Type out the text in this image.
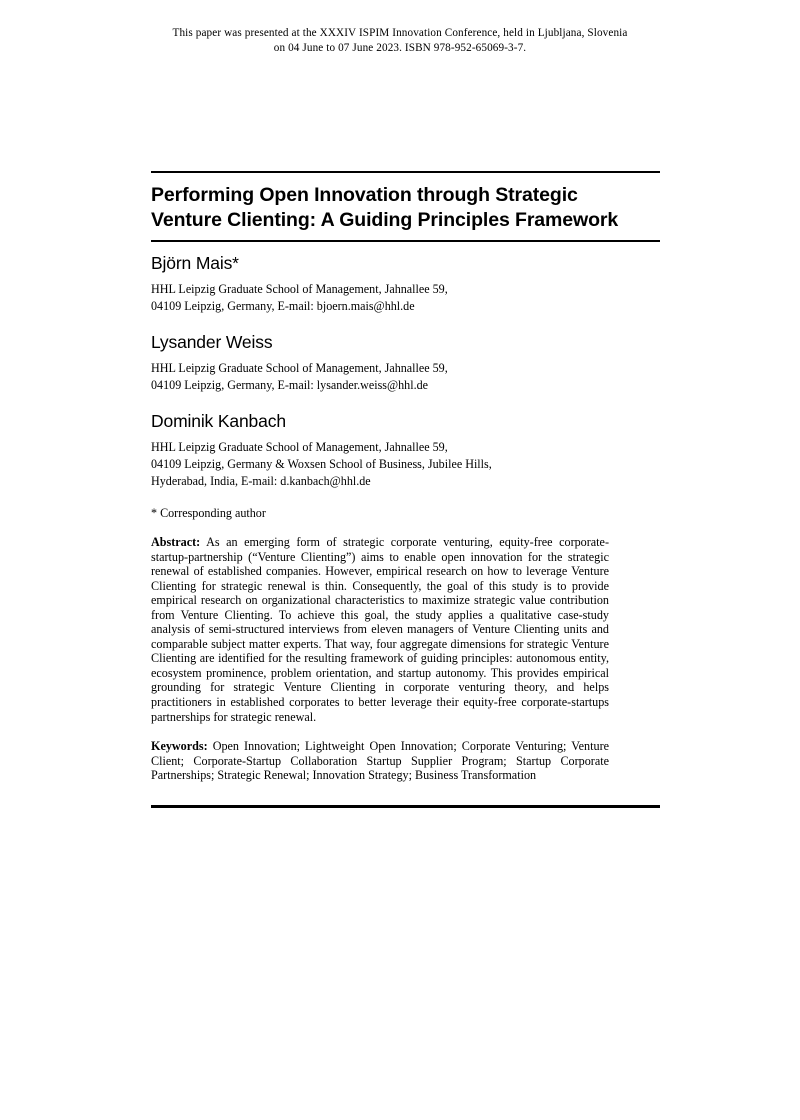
This paper was presented at the XXXIV ISPIM Innovation Conference, held in Ljubljana, Slovenia
on 04 June to 07 June 2023. ISBN 978-952-65069-3-7.
Performing Open Innovation through Strategic
Venture Clienting: A Guiding Principles Framework
Björn Mais*
HHL Leipzig Graduate School of Management, Jahnallee 59,
04109 Leipzig, Germany, E-mail: bjoern.mais@hhl.de
Lysander Weiss
HHL Leipzig Graduate School of Management, Jahnallee 59,
04109 Leipzig, Germany, E-mail: lysander.weiss@hhl.de
Dominik Kanbach
HHL Leipzig Graduate School of Management, Jahnallee 59,
04109 Leipzig, Germany & Woxsen School of Business, Jubilee Hills,
Hyderabad, India, E-mail: d.kanbach@hhl.de
* Corresponding author
Abstract: As an emerging form of strategic corporate venturing, equity-free corporate-startup-partnership (“Venture Clienting”) aims to enable open innovation for the strategic renewal of established companies. However, empirical research on how to leverage Venture Clienting for strategic renewal is thin. Consequently, the goal of this study is to provide empirical research on organizational characteristics to maximize strategic value contribution from Venture Clienting. To achieve this goal, the study applies a qualitative case-study analysis of semi-structured interviews from eleven managers of Venture Clienting units and comparable subject matter experts. That way, four aggregate dimensions for strategic Venture Clienting are identified for the resulting framework of guiding principles: autonomous entity, ecosystem prominence, problem orientation, and startup autonomy. This provides empirical grounding for strategic Venture Clienting in corporate venturing theory, and helps practitioners in established corporates to better leverage their equity-free corporate-startups partnerships for strategic renewal.
Keywords: Open Innovation; Lightweight Open Innovation; Corporate Venturing; Venture Client; Corporate-Startup Collaboration Startup Supplier Program; Startup Corporate Partnerships; Strategic Renewal; Innovation Strategy; Business Transformation
